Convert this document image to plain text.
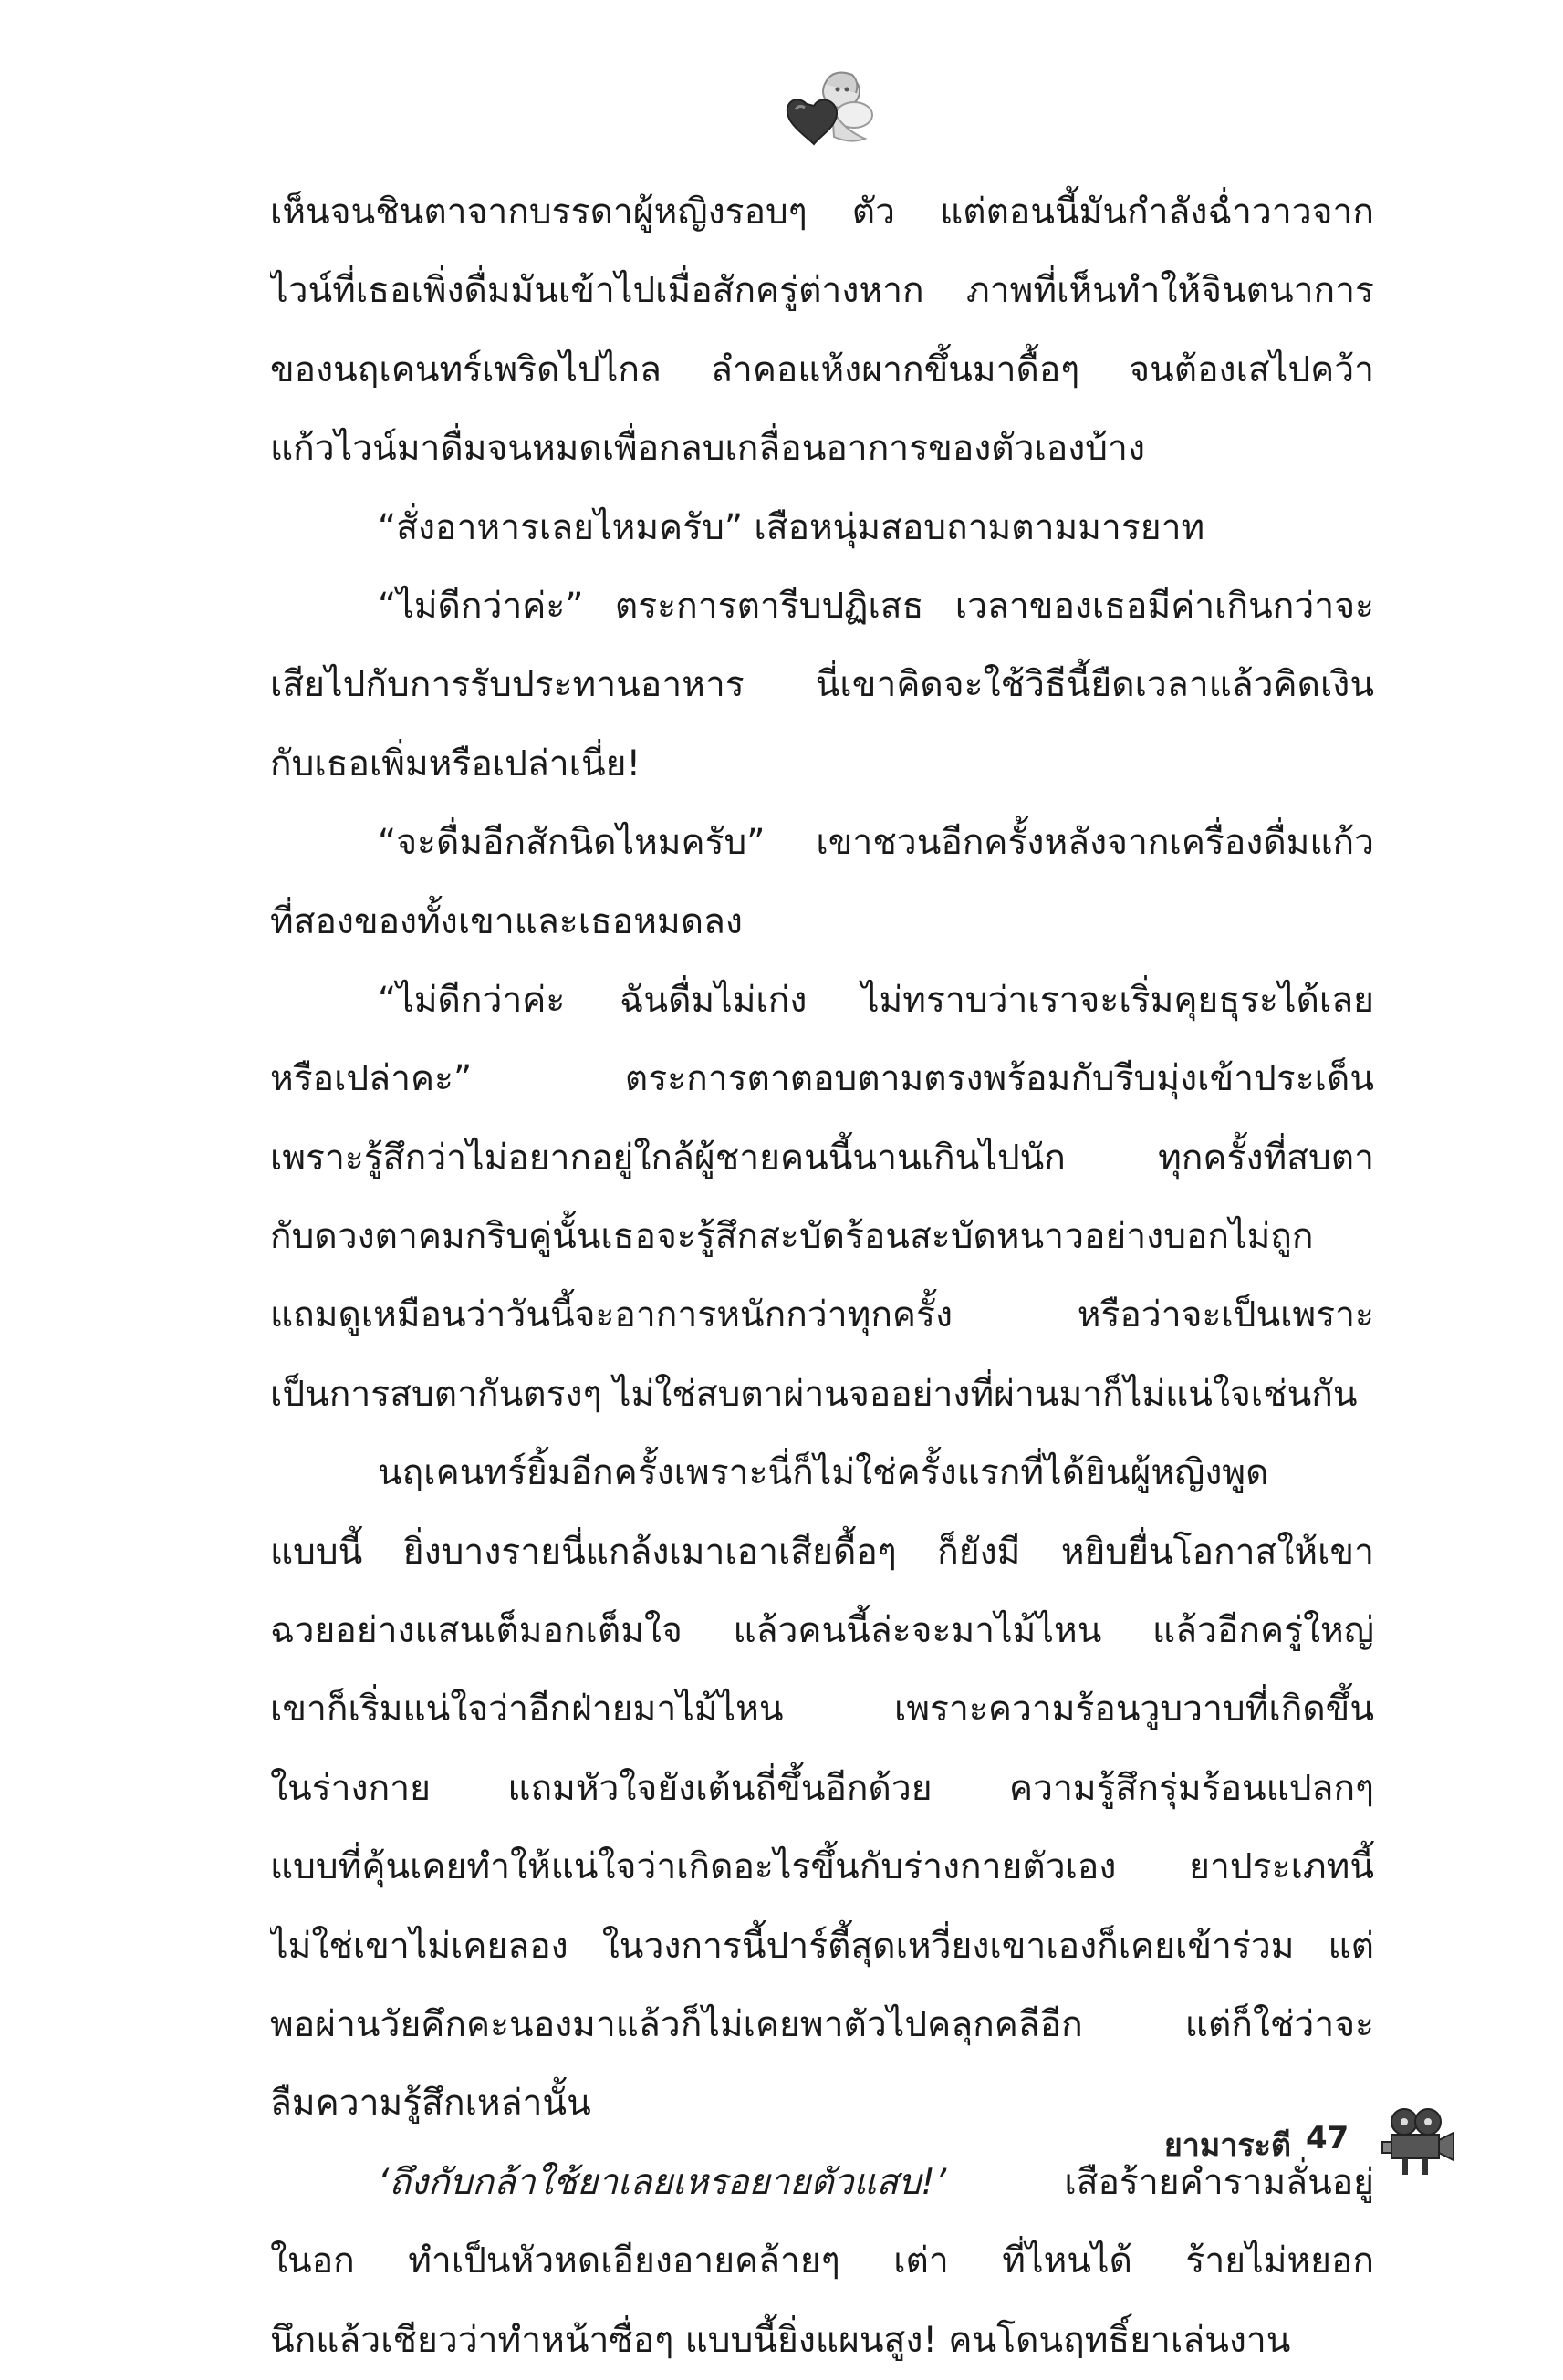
เห็นจนชินตาจากบรรดาผู้หญิงรอบๆ ตัว แต่ตอนนี้มันกำลังฉ่ำวาวจาก
ไวน์ที่เธอเพิ่งดื่มมันเข้าไปเมื่อสักครู่ต่างหาก ภาพที่เห็นทำให้จินตนาการ
ของนฤเคนทร์เพริดไปไกล ลำคอแห้งผากขึ้นมาดื้อๆ จนต้องเสไปคว้า
แก้วไวน์มาดื่มจนหมดเพื่อกลบเกลื่อนอาการของตัวเองบ้าง
“สั่งอาหารเลยไหมครับ” เสือหนุ่มสอบถามตามมารยาท
“ไม่ดีกว่าค่ะ” ตระการตารีบปฏิเสธ เวลาของเธอมีค่าเกินกว่าจะ
เสียไปกับการรับประทานอาหาร นี่เขาคิดจะใช้วิธีนี้ยืดเวลาแล้วคิดเงิน
กับเธอเพิ่มหรือเปล่าเนี่ย!
“จะดื่มอีกสักนิดไหมครับ” เขาชวนอีกครั้งหลังจากเครื่องดื่มแก้ว
ที่สองของทั้งเขาและเธอหมดลง
“ไม่ดีกว่าค่ะ ฉันดื่มไม่เก่ง ไม่ทราบว่าเราจะเริ่มคุยธุระได้เลย
หรือเปล่าคะ” ตระการตาตอบตามตรงพร้อมกับรีบมุ่งเข้าประเด็น
เพราะรู้สึกว่าไม่อยากอยู่ใกล้ผู้ชายคนนี้นานเกินไปนัก ทุกครั้งที่สบตา
กับดวงตาคมกริบคู่นั้นเธอจะรู้สึกสะบัดร้อนสะบัดหนาวอย่างบอกไม่ถูก
แถมดูเหมือนว่าวันนี้จะอาการหนักกว่าทุกครั้ง หรือว่าจะเป็นเพราะ
เป็นการสบตากันตรงๆ ไม่ใช่สบตาผ่านจออย่างที่ผ่านมาก็ไม่แน่ใจเช่นกัน
นฤเคนทร์ยิ้มอีกครั้งเพราะนี่ก็ไม่ใช่ครั้งแรกที่ได้ยินผู้หญิงพูด
แบบนี้ ยิ่งบางรายนี่แกล้งเมาเอาเสียดื้อๆ ก็ยังมี หยิบยื่นโอกาสให้เขา
ฉวยอย่างแสนเต็มอกเต็มใจ แล้วคนนี้ล่ะจะมาไม้ไหน แล้วอีกครู่ใหญ่
เขาก็เริ่มแน่ใจว่าอีกฝ่ายมาไม้ไหน เพราะความร้อนวูบวาบที่เกิดขึ้น
ในร่างกาย แถมหัวใจยังเต้นถี่ขึ้นอีกด้วย ความรู้สึกรุ่มร้อนแปลกๆ
แบบที่คุ้นเคยทำให้แน่ใจว่าเกิดอะไรขึ้นกับร่างกายตัวเอง ยาประเภทนี้
ไม่ใช่เขาไม่เคยลอง ในวงการนี้ปาร์ตี้สุดเหวี่ยงเขาเองก็เคยเข้าร่วม แต่
พอผ่านวัยคึกคะนองมาแล้วก็ไม่เคยพาตัวไปคลุกคลีอีก แต่ก็ใช่ว่าจะ
ลืมความรู้สึกเหล่านั้น
‘ถึงกับกล้าใช้ยาเลยเหรอยายตัวแสบ!’ เสือร้ายคำรามลั่นอยู่
ในอก ทำเป็นหัวหดเอียงอายคล้ายๆ เต่า ที่ไหนได้ ร้ายไม่หยอก
นึกแล้วเชียวว่าทำหน้าซื่อๆ แบบนี้ยิ่งแผนสูง! คนโดนฤทธิ์ยาเล่นงาน
ยามาระตี 47
